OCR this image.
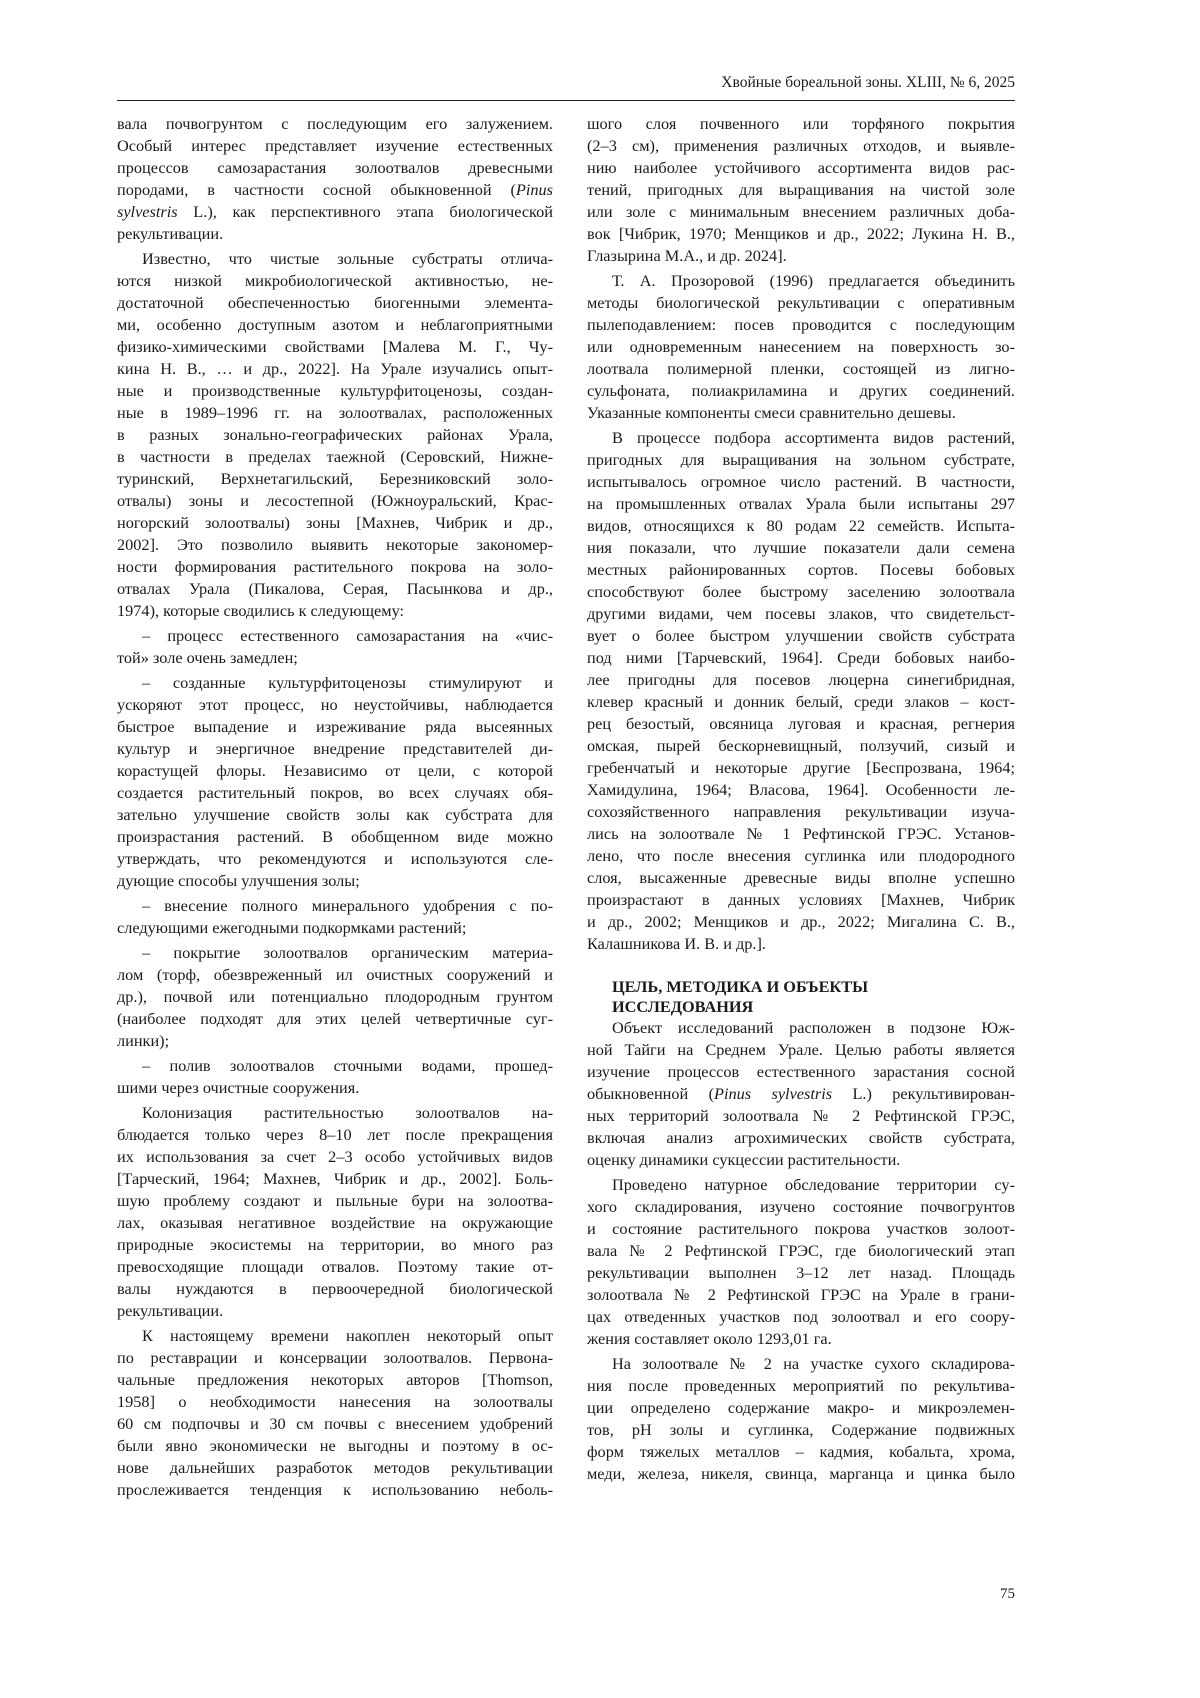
Хвойные бореальной зоны. XLIII, № 6, 2025
вала почвогрунтом с последующим его залужением.
Особый интерес представляет изучение естественных
процессов самозарастания золоотвалов древесными
породами, в частности сосной обыкновенной (Pinus
sylvestris L.), как перспективного этапа биологической
рекультивации.
Известно, что чистые зольные субстраты отлича-
ются низкой микробиологической активностью, не-
достаточной обеспеченностью биогенными элемента-
ми, особенно доступным азотом и неблагоприятными
физико-химическими свойствами [Малева М. Г., Чу-
кина Н. В., … и др., 2022]. На Урале изучались опыт-
ные и производственные культурфитоценозы, создан-
ные в 1989–1996 гг. на золоотвалах, расположенных
в разных зонально-географических районах Урала,
в частности в пределах таежной (Серовский, Нижне-
туринский, Верхнетагильский, Березниковский золо-
отвалы) зоны и лесостепной (Южноуральский, Крас-
ногорский золоотвалы) зоны [Махнев, Чибрик и др.,
2002]. Это позволило выявить некоторые закономер-
ности формирования растительного покрова на золо-
отвалах Урала (Пикалова, Серая, Пасынкова и др.,
1974), которые сводились к следующему:
– процесс естественного самозарастания на «чис-
той» золе очень замедлен;
– созданные культурфитоценозы стимулируют и
ускоряют этот процесс, но неустойчивы, наблюдается
быстрое выпадение и изреживание ряда высеянных
культур и энергичное внедрение представителей ди-
корастущей флоры. Независимо от цели, с которой
создается растительный покров, во всех случаях обя-
зательно улучшение свойств золы как субстрата для
произрастания растений. В обобщенном виде можно
утверждать, что рекомендуются и используются сле-
дующие способы улучшения золы;
– внесение полного минерального удобрения с по-
следующими ежегодными подкормками растений;
– покрытие золоотвалов органическим материа-
лом (торф, обезвреженный ил очистных сооружений и
др.), почвой или потенциально плодородным грунтом
(наиболее подходят для этих целей четвертичные суг-
линки);
– полив золоотвалов сточными водами, прошед-
шими через очистные сооружения.
Колонизация растительностью золоотвалов на-
блюдается только через 8–10 лет после прекращения
их использования за счет 2–3 особо устойчивых видов
[Тарческий, 1964; Махнев, Чибрик и др., 2002]. Боль-
шую проблему создают и пыльные бури на золоотва-
лах, оказывая негативное воздействие на окружающие
природные экосистемы на территории, во много раз
превосходящие площади отвалов. Поэтому такие от-
валы нуждаются в первоочередной биологической
рекультивации.
К настоящему времени накоплен некоторый опыт
по реставрации и консервации золоотвалов. Первона-
чальные предложения некоторых авторов [Thomson,
1958] о необходимости нанесения на золоотвалы
60 см подпочвы и 30 см почвы с внесением удобрений
были явно экономически не выгодны и поэтому в ос-
нове дальнейших разработок методов рекультивации
прослеживается тенденция к использованию неболь-
шого слоя почвенного или торфяного покрытия
(2–3 см), применения различных отходов, и выявле-
нию наиболее устойчивого ассортимента видов рас-
тений, пригодных для выращивания на чистой золе
или золе с минимальным внесением различных доба-
вок [Чибрик, 1970; Менщиков и др., 2022; Лукина Н. В.,
Глазырина М.А., и др. 2024].
Т. А. Прозоровой (1996) предлагается объединить
методы биологической рекультивации с оперативным
пылеподавлением: посев проводится с последующим
или одновременным нанесением на поверхность зо-
лоотвала полимерной пленки, состоящей из лигно-
сульфоната, полиакриламина и других соединений.
Указанные компоненты смеси сравнительно дешевы.
В процессе подбора ассортимента видов растений,
пригодных для выращивания на зольном субстрате,
испытывалось огромное число растений. В частности,
на промышленных отвалах Урала были испытаны 297
видов, относящихся к 80 родам 22 семейств. Испыта-
ния показали, что лучшие показатели дали семена
местных районированных сортов. Посевы бобовых
способствуют более быстрому заселению золоотвала
другими видами, чем посевы злаков, что свидетельст-
вует о более быстром улучшении свойств субстрата
под ними [Тарчевский, 1964]. Среди бобовых наибо-
лее пригодны для посевов люцерна синегибридная,
клевер красный и донник белый, среди злаков – кост-
рец безостый, овсяница луговая и красная, регнерия
омская, пырей бескорневищный, ползучий, сизый и
гребенчатый и некоторые другие [Беспрозвана, 1964;
Хамидулина, 1964; Власова, 1964]. Особенности ле-
сохозяйственного направления рекультивации изуча-
лись на золоотвале № 1 Рефтинской ГРЭС. Установ-
лено, что после внесения суглинка или плодородного
слоя, высаженные древесные виды вполне успешно
произрастают в данных условиях [Махнев, Чибрик
и др., 2002; Менщиков и др., 2022; Мигалина С. В.,
Калашникова И. В. и др.].
ЦЕЛЬ, МЕТОДИКА И ОБЪЕКТЫ
ИССЛЕДОВАНИЯ
Объект исследований расположен в подзоне Юж-
ной Тайги на Среднем Урале. Целью работы является
изучение процессов естественного зарастания сосной
обыкновенной (Pinus sylvestris L.) рекультивирован-
ных территорий золоотвала № 2 Рефтинской ГРЭС,
включая анализ агрохимических свойств субстрата,
оценку динамики сукцессии растительности.
Проведено натурное обследование территории су-
хого складирования, изучено состояние почвогрунтов
и состояние растительного покрова участков золоот-
вала № 2 Рефтинской ГРЭС, где биологический этап
рекультивации выполнен 3–12 лет назад. Площадь
золоотвала № 2 Рефтинской ГРЭС на Урале в грани-
цах отведенных участков под золоотвал и его соору-
жения составляет около 1293,01 га.
На золоотвале № 2 на участке сухого складирова-
ния после проведенных мероприятий по рекультива-
ции определено содержание макро- и микроэлемен-
тов, pH золы и суглинка, Содержание подвижных
форм тяжелых металлов – кадмия, кобальта, хрома,
меди, железа, никеля, свинца, марганца и цинка было
75
